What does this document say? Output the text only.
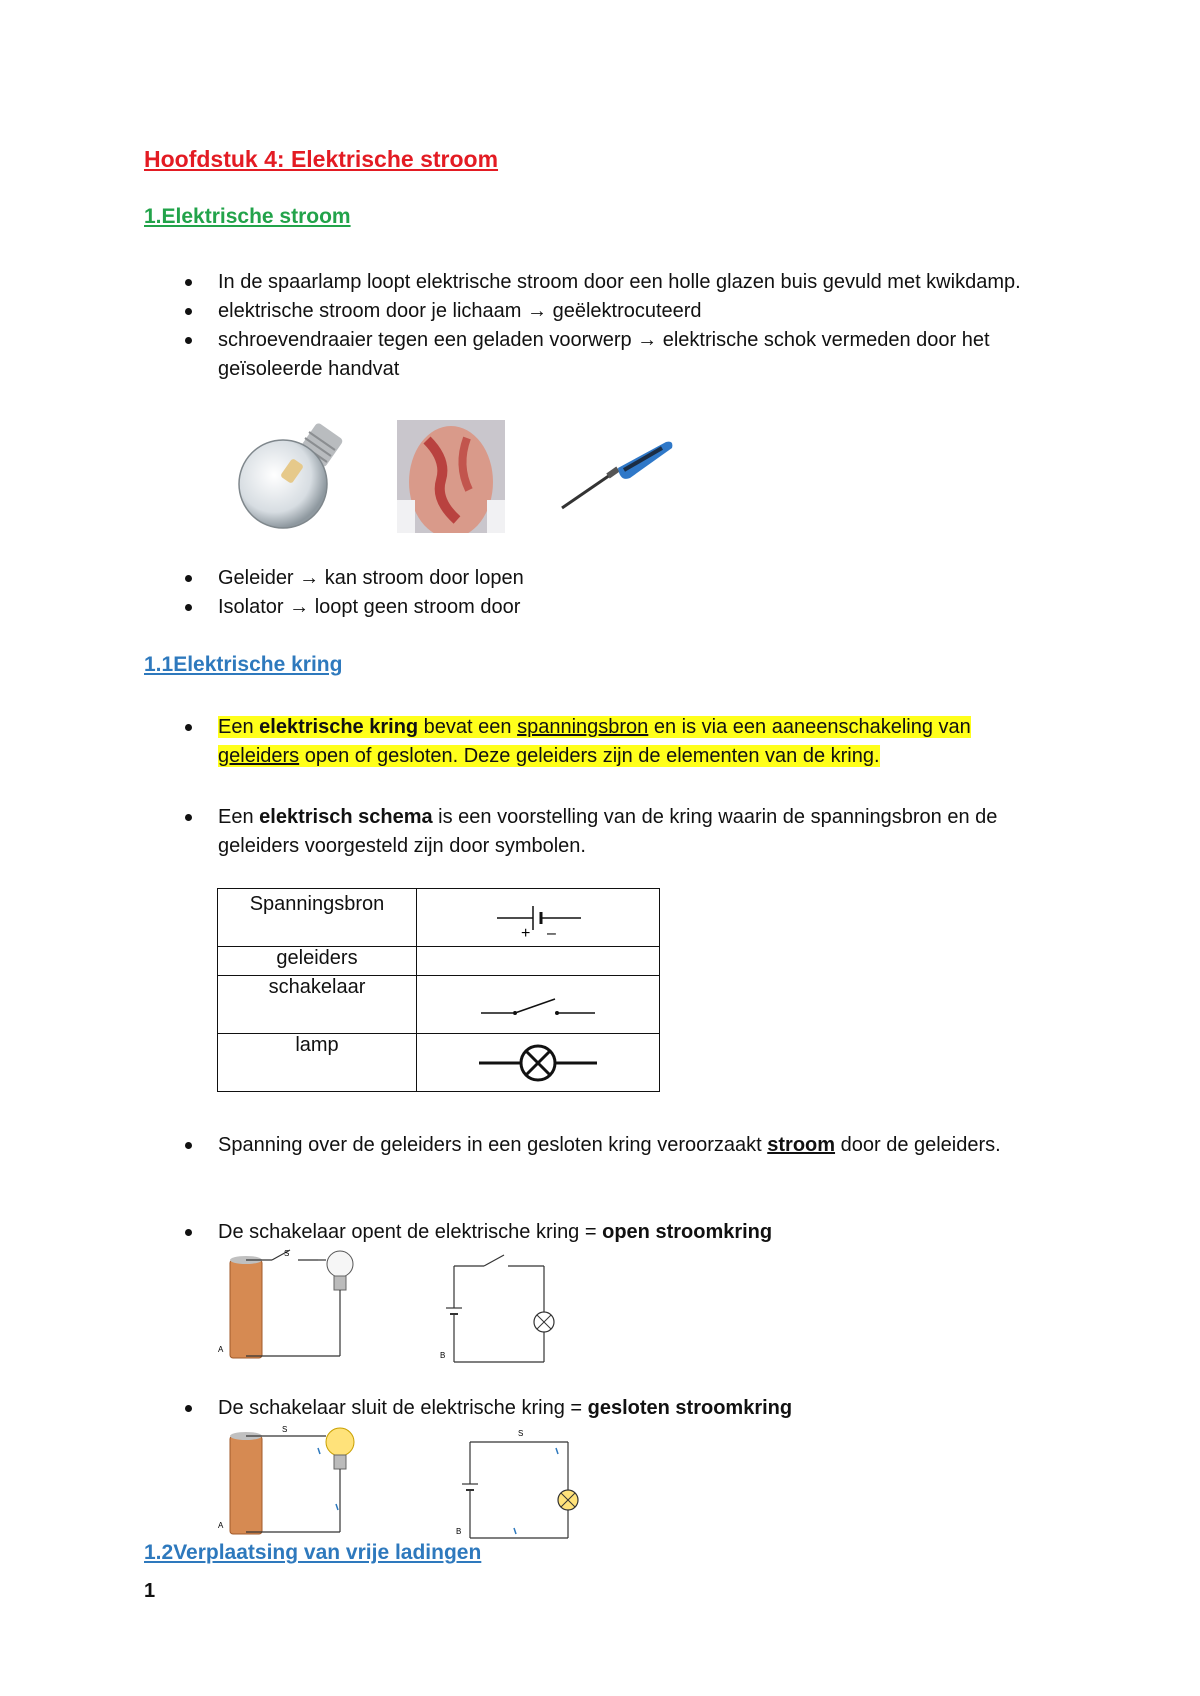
Hoofdstuk 4: Elektrische stroom
1.Elektrische stroom
In de spaarlamp loopt elektrische stroom door een holle glazen buis gevuld met kwikdamp.
elektrische stroom door je lichaam → geëlektrocuteerd
schroevendraaier tegen een geladen voorwerp → elektrische schok vermeden door het geïsoleerde handvat
Geleider → kan stroom door lopen
Isolator → loopt geen stroom door
1.1Elektrische kring
Een elektrische kring bevat een spanningsbron en is via een aaneenschakeling van geleiders open of gesloten. Deze geleiders zijn de elementen van de kring.
Een elektrisch schema is een voorstelling van de kring waarin de spanningsbron en de geleiders voorgesteld zijn door symbolen.
Spanningsbron	+ –

geleiders	

schakelaar

lamp

Spanning over de geleiders in een gesloten kring veroorzaakt stroom door de geleiders.
De schakelaar opent de elektrische kring = open stroomkring
S
A
B
De schakelaar sluit de elektrische kring = gesloten stroomkring
S
A
S
B
1.2Verplaatsing van vrije ladingen
1
